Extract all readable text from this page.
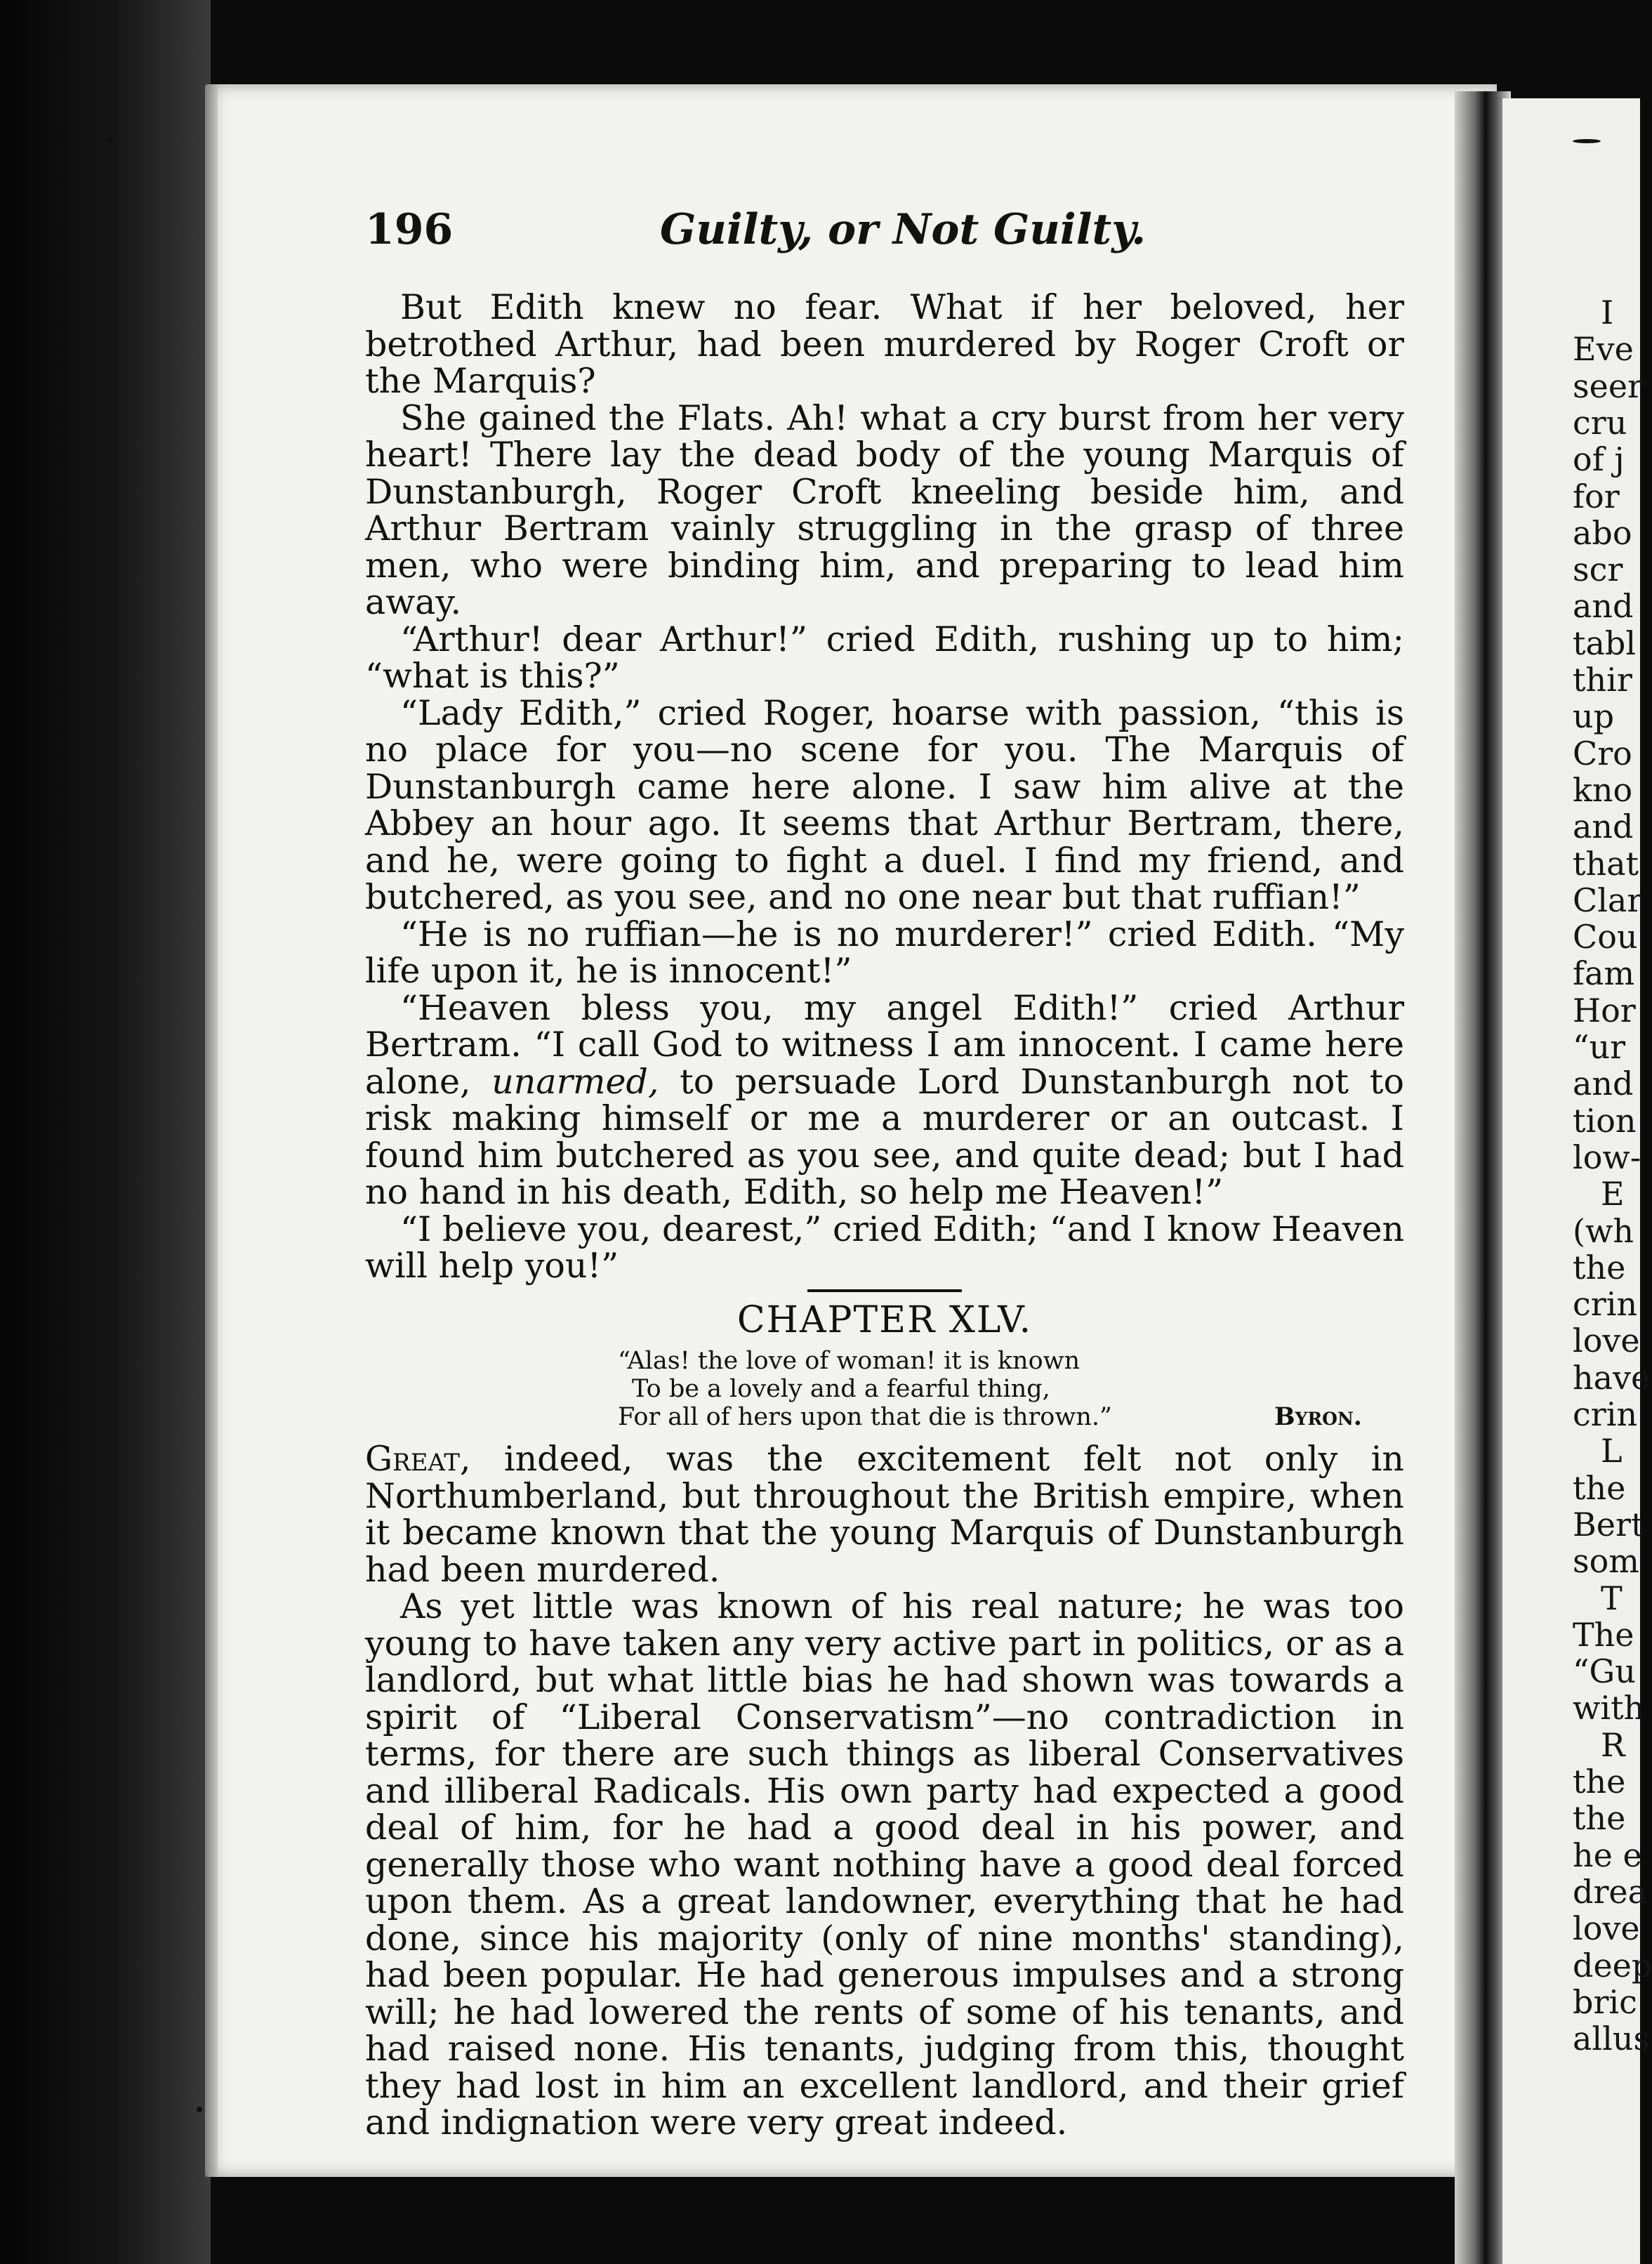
196	Guilty, or Not Guilty.

But Edith knew no fear. What if her beloved, her betrothed Arthur, had been murdered by Roger Croft or the Marquis?

She gained the Flats. Ah! what a cry burst from her very heart! There lay the dead body of the young Marquis of Dunstanburgh, Roger Croft kneeling beside him, and Arthur Bertram vainly struggling in the grasp of three men, who were binding him, and preparing to lead him away.

“Arthur! dear Arthur!” cried Edith, rushing up to him; “what is this?”

“Lady Edith,” cried Roger, hoarse with passion, “this is no place for you—no scene for you. The Marquis of Dunstanburgh came here alone. I saw him alive at the Abbey an hour ago. It seems that Arthur Bertram, there, and he, were going to fight a duel. I find my friend, and butchered, as you see, and no one near but that ruffian!”

“He is no ruffian—he is no murderer!” cried Edith. “My life upon it, he is innocent!”

“Heaven bless you, my angel Edith!” cried Arthur Bertram. “I call God to witness I am innocent. I came here alone, unarmed, to persuade Lord Dunstanburgh not to risk making himself or me a murderer or an outcast. I found him butchered as you see, and quite dead; but I had no hand in his death, Edith, so help me Heaven!”

“I believe you, dearest,” cried Edith; “and I know Heaven will help you!”

CHAPTER XLV.

“Alas! the love of woman! it is known
To be a lovely and a fearful thing,
For all of hers upon that die is thrown.”	Byron.

Great, indeed, was the excitement felt not only in Northumberland, but throughout the British empire, when it became known that the young Marquis of Dunstanburgh had been murdered.

As yet little was known of his real nature; he was too young to have taken any very active part in politics, or as a landlord, but what little bias he had shown was towards a spirit of “Liberal Conservatism”—no contradiction in terms, for there are such things as liberal Conservatives and illiberal Radicals. His own party had expected a good deal of him, for he had a good deal in his power, and generally those who want nothing have a good deal forced upon them. As a great landowner, everything that he had done, since his majority (only of nine months' standing), had been popular. He had generous impulses and a strong will; he had lowered the rents of some of his tenants, and had raised none. His tenants, judging from this, thought they had lost in him an excellent landlord, and their grief and indignation were very great indeed.

I
Eve
seer
cru
of j
for
abo
scr
and
tabl
thir
up
Cro
kno
and
that
Clar
Cou
fam
Hor
“ur
and
tion
low-
E
(wh
the
crin
love
have
crin
L
the
Bert
som
T
The
“Gu
with
R
the
the
he e
drea
love
deep
bric
allus
